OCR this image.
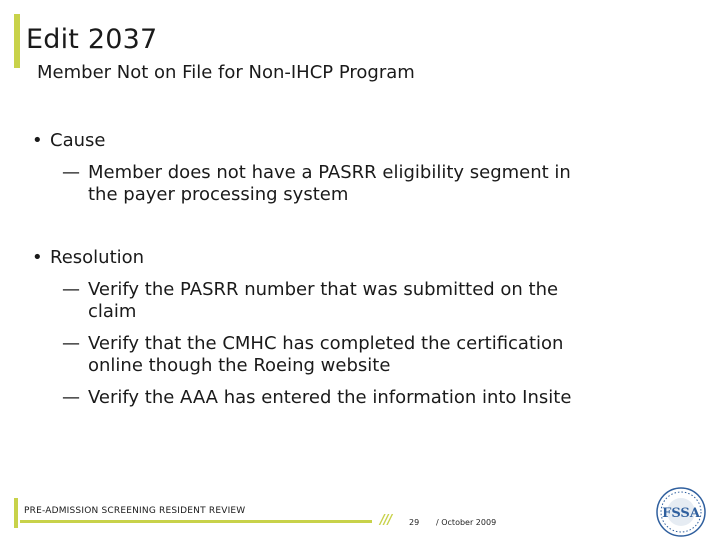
Edit 2037
Member Not on File for Non-IHCP Program
• Cause
— Member does not have a PASRR eligibility segment in the payer processing system
• Resolution
— Verify the PASRR number that was submitted on the claim
— Verify that the CMHC has completed the certification online though the Roeing website
— Verify the AAA has entered the information into Insite
PRE-ADMISSION SCREENING RESIDENT REVIEW
/// 29 / October 2009
FSSA
